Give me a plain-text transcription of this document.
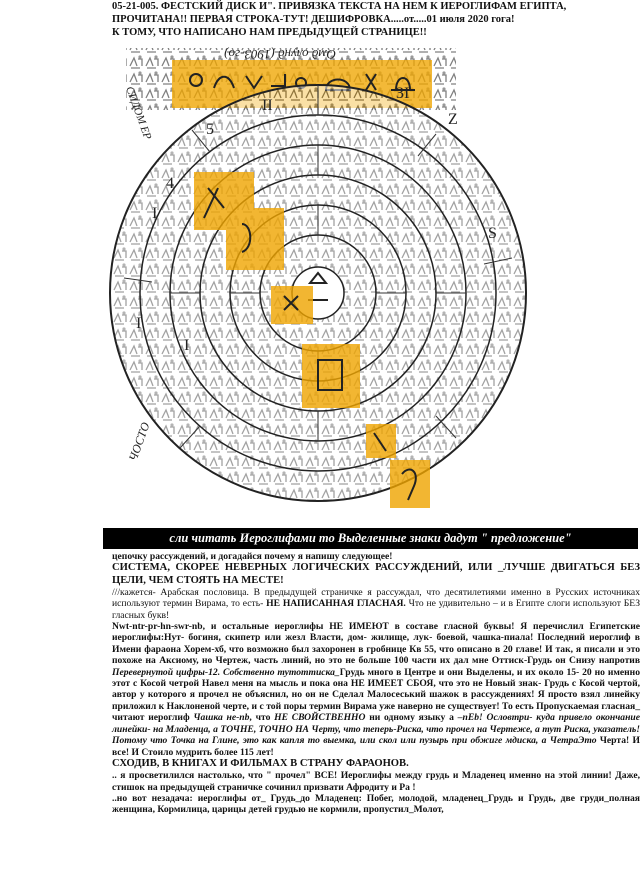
05-21-005. ФЕСТСКИЙ ДИСК И". ПРИВЯЗКА ТЕКСТА НА НЕМ К ИЕРОГЛИФАМ ЕГИПТА,
ПРОЧИТАНА!! ПЕРВАЯ СТРОКА-ТУТ! ДЕШИФРОВКА.....от.....01 июля 2020 гога!
К ТОМУ, ЧТО НАПИСАНО НАМ ПРЕДЫДУЩЕЙ СТРАНИЦЕ!!
Омд олунд (1903-го)
5
4
I
I
S
ЗI
II
Z
I
СИДОМ ЕР
ЧОСТО
сли читать Иероглифами то Выделенные знаки дадут " предложение"

цепочку рассуждений, и догадайся почему я напишу следующее!

СИСТЕМА, СКОРЕЕ НЕВЕРНЫХ ЛОГИЧЕСКИХ РАССУЖДЕНИЙ, ИЛИ _ЛУЧШЕ ДВИГАТЬСЯ БЕЗ ЦЕЛИ, ЧЕМ СТОЯТЬ НА МЕСТЕ!

///кажется- Арабская пословица. В предыдущей страничке я рассуждал, что десятилетиями именно в Русских источниках используют термин Вирама, то есть- НЕ НАПИСАННАЯ ГЛАСНАЯ. Что не удивительно – и в Египте слоги используют БЕЗ гласных букв!

Nwt-ntr-pr-hn-swr-nb, и остальные иероглифы НЕ ИМЕЮТ в составе гласной буквы! Я перечислил Египетские иероглифы:Нут- богиня, скипетр или жезл Власти, дом- жилище, лук- боевой, чашка-пиала! Последний иероглиф в Имени фараона Хорем-хб, что возможно был захоронен в гробнице Кв 55, что описано в 20 главе! И так, я писали и это похоже на Аксиому, но Чертеж, часть линий, но это не больше 100 части их дал мне Оттиск-Грудь он Снизу напротив Перевернутой цифры-12. Собственно тутоттиска_Грудь много в Центре и они Выделены, и их около 15- 20 но именно этот с Косой четрой Навел меня на мысль и пока она НЕ ИМЕЕТ СБОЯ, что это не Новый знак- Грудь с Косой чертой, автор у которого я прочел не объяснил, но он не Сделал Малосеський шажок в рассуждениях! Я просто взял линейку приложил к Наклоненой черте, и с той поры термин Вирама уже наверно не существует! То есть Пропускаемая гласная_ читают иероглиф Чашка не-nb, что НЕ СВОЙСТВЕННО ни одному языку а –nEb! Ословтри- куда привело окончание линейки- на Младенца, а ТОЧНЕ, ТОЧНО НА Черту, что теперь-Риска, что прочел на Чертеже, а тут Риска, указатель! Потому что Точка на Глине, это как капля то выемка, или скол или пузырь при обжиге мдиска, а ЧетраЭто Черта! И все! И Стоило мудрить более 115 лет!

СХОДИВ, В КНИГАХ И ФИЛЬМАХ В СТРАНУ ФАРАОНОВ.

.. я просветилился настолько, что " прочел" ВСЕ! Иероглифы между грудь и Младенец именно на этой линии! Даже, стишок на предыдущей страничке сочинил призвати Афродиту и Ра !

..но вот незадача: иероглифы от_ Грудь_до Младенец: Побег, молодой, младенец_Грудь и Грудь, две груди_полная женщина, Кормилица, царицы детей грудью не кормили, пропустил_Молот,
